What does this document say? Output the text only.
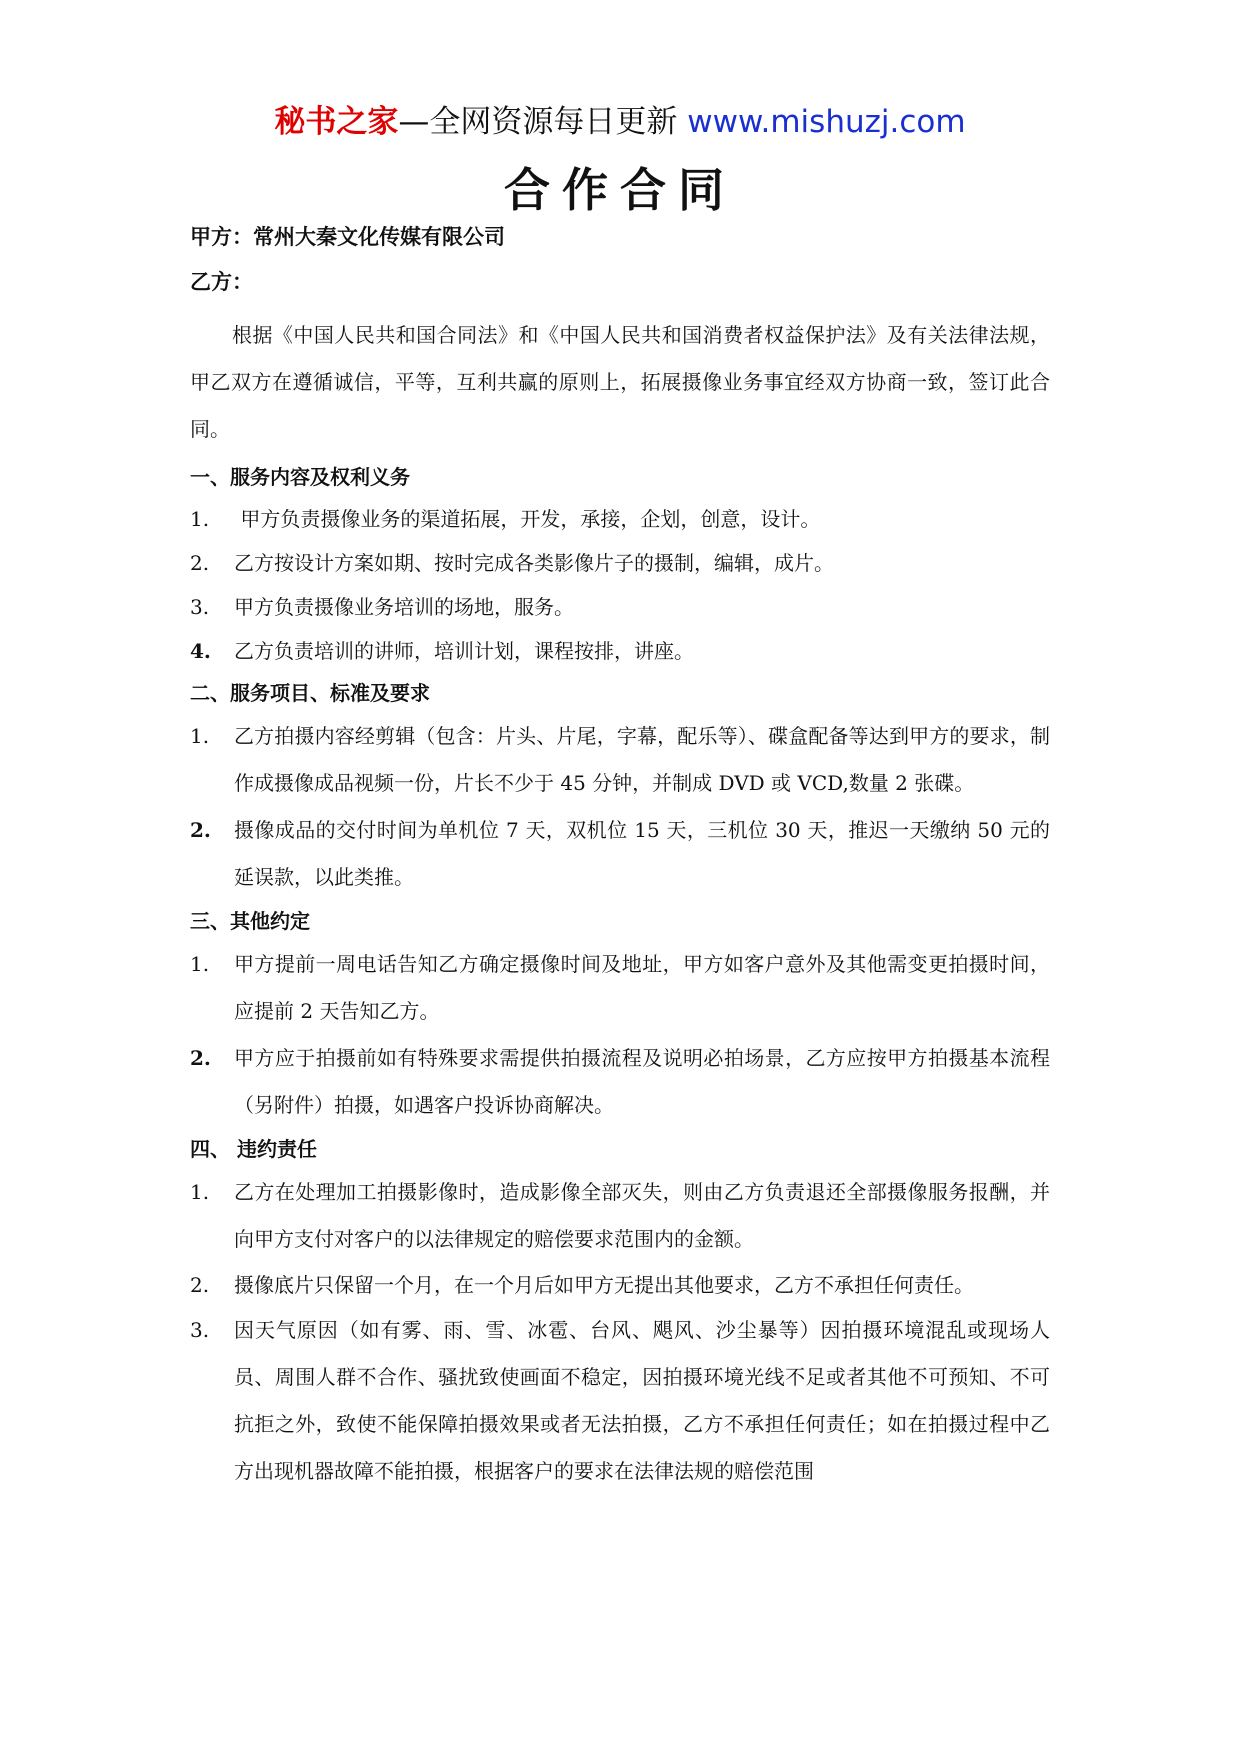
秘书之家—全网资源每日更新 www.mishuzj.com
合作合同

甲方：常州大秦文化传媒有限公司

乙方：

根据《中国人民共和国合同法》和《中国人民共和国消费者权益保护法》及有关法律法规，甲乙双方在遵循诚信，平等，互利共赢的原则上，拓展摄像业务事宜经双方协商一致，签订此合同。

一、服务内容及权利义务

1.	甲方负责摄像业务的渠道拓展，开发，承接，企划，创意，设计。
2.	乙方按设计方案如期、按时完成各类影像片子的摄制，编辑，成片。
3.	甲方负责摄像业务培训的场地，服务。
4.	乙方负责培训的讲师，培训计划，课程按排，讲座。

二、服务项目、标准及要求

1.	乙方拍摄内容经剪辑（包含：片头、片尾，字幕，配乐等）、碟盒配备等达到甲方的要求，制作成摄像成品视频一份，片长不少于 45 分钟，并制成 DVD 或 VCD,数量 2 张碟。
2.	摄像成品的交付时间为单机位 7 天，双机位 15 天，三机位 30 天，推迟一天缴纳 50 元的延误款，以此类推。

三、其他约定

1.	甲方提前一周电话告知乙方确定摄像时间及地址，甲方如客户意外及其他需变更拍摄时间，应提前 2 天告知乙方。
2.	甲方应于拍摄前如有特殊要求需提供拍摄流程及说明必拍场景，乙方应按甲方拍摄基本流程（另附件）拍摄，如遇客户投诉协商解决。

四、 违约责任

1.	乙方在处理加工拍摄影像时，造成影像全部灭失，则由乙方负责退还全部摄像服务报酬，并向甲方支付对客户的以法律规定的赔偿要求范围内的金额。
2.	摄像底片只保留一个月，在一个月后如甲方无提出其他要求，乙方不承担任何责任。
3.	因天气原因（如有雾、雨、雪、冰雹、台风、飓风、沙尘暴等）因拍摄环境混乱或现场人员、周围人群不合作、骚扰致使画面不稳定，因拍摄环境光线不足或者其他不可预知、不可抗拒之外，致使不能保障拍摄效果或者无法拍摄，乙方不承担任何责任；如在拍摄过程中乙方出现机器故障不能拍摄，根据客户的要求在法律法规的赔偿范围
